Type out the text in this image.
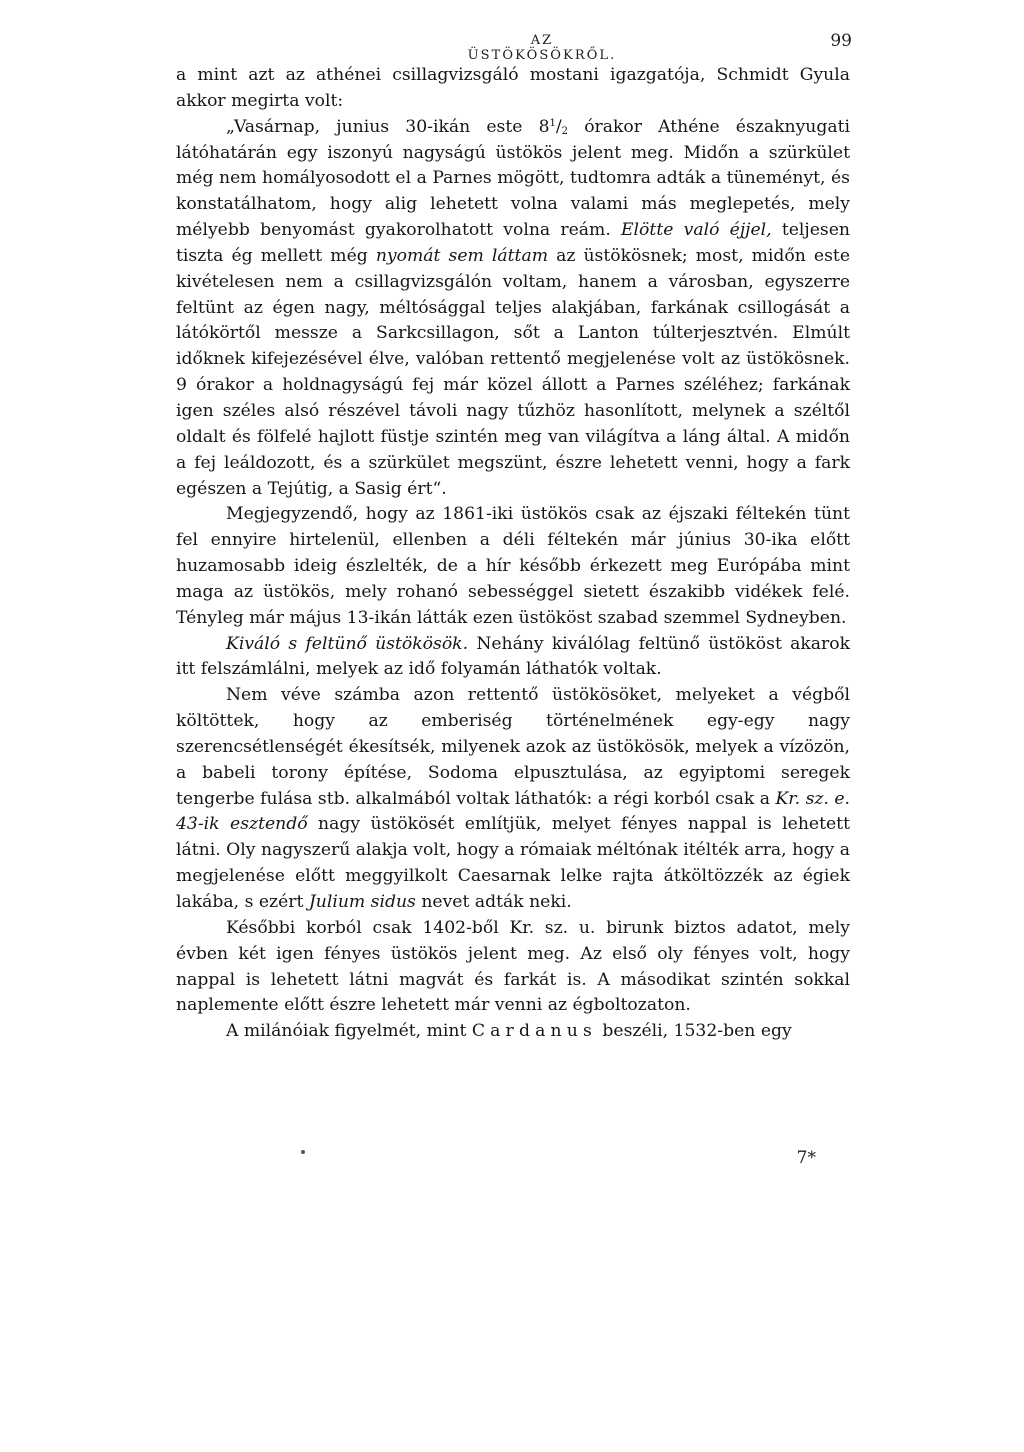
AZ ÜSTÖKÖSÖKRŐL.
99

a mint azt az athénei csillagvizsgáló mostani igazgatója, Schmidt Gyula akkor megirta volt:

„Vasárnap, junius 30-ikán este $8^1/_2$ órakor Athéne északnyugati látóhatárán egy iszonyú nagyságú üstökös jelent meg. Midőn a szürkület még nem homályosodott el a Parnes mögött, tudtomra adták a tüneményt, és konstatálhatom, hogy alig lehetett volna valami más meglepetés, mely mélyebb benyomást gyakorolhatott volna reám. Elötte való éjjel, teljesen tiszta ég mellett még nyomát sem láttam az üstökösnek; most, midőn este kivételesen nem a csillagvizsgálón voltam, hanem a városban, egyszerre feltünt az égen nagy, méltósággal teljes alakjában, farkának csillogását a látókörtől messze a Sarkcsillagon, sőt a Lanton túlterjesztvén. Elmúlt időknek kifejezésével élve, valóban rettentő megjelenése volt az üstökösnek. 9 órakor a holdnagyságú fej már közel állott a Parnes széléhez; farkának igen széles alsó részével távoli nagy tűzhöz hasonlított, melynek a széltől oldalt és fölfelé hajlott füstje szintén meg van világítva a láng által. A midőn a fej leáldozott, és a szürkület megszünt, észre lehetett venni, hogy a fark egészen a Tejútig, a Sasig ért“.

Megjegyzendő, hogy az 1861-iki üstökös csak az éjszaki féltekén tünt fel ennyire hirtelenül, ellenben a déli féltekén már június 30-ika előtt huzamosabb ideig észlelték, de a hír később érkezett meg Európába mint maga az üstökös, mely rohanó sebességgel sietett északibb vidékek felé. Tényleg már május 13-ikán látták ezen üstököst szabad szemmel Sydneyben.

Kiváló s feltünő üstökösök. Nehány kiválólag feltünő üstököst akarok itt felszámlálni, melyek az idő folyamán láthatók voltak.

Nem véve számba azon rettentő üstökösöket, melyeket a végből költöttek, hogy az emberiség történelmének egy-egy nagy szerencsétlenségét ékesítsék, milyenek azok az üstökösök, melyek a vízözön, a babeli torony építése, Sodoma elpusztulása, az egyiptomi seregek tengerbe fulása stb. alkalmából voltak láthatók: a régi korból csak a Kr. sz. e. 43-ik esztendő nagy üstökösét említjük, melyet fényes nappal is lehetett látni. Oly nagyszerű alakja volt, hogy a rómaiak méltónak itélték arra, hogy a megjelenése előtt meggyilkolt Caesarnak lelke rajta átköltözzék az égiek lakába, s ezért Julium sidus nevet adták neki.

Későbbi korból csak 1402-ből Kr. sz. u. birunk biztos adatot, mely évben két igen fényes üstökös jelent meg. Az első oly fényes volt, hogy nappal is lehetett látni magvát és farkát is. A másodikat szintén sokkal naplemente előtt észre lehetett már venni az égboltozaton.

A milánóiak figyelmét, mint Cardanus beszéli, 1532-ben egy

7*
